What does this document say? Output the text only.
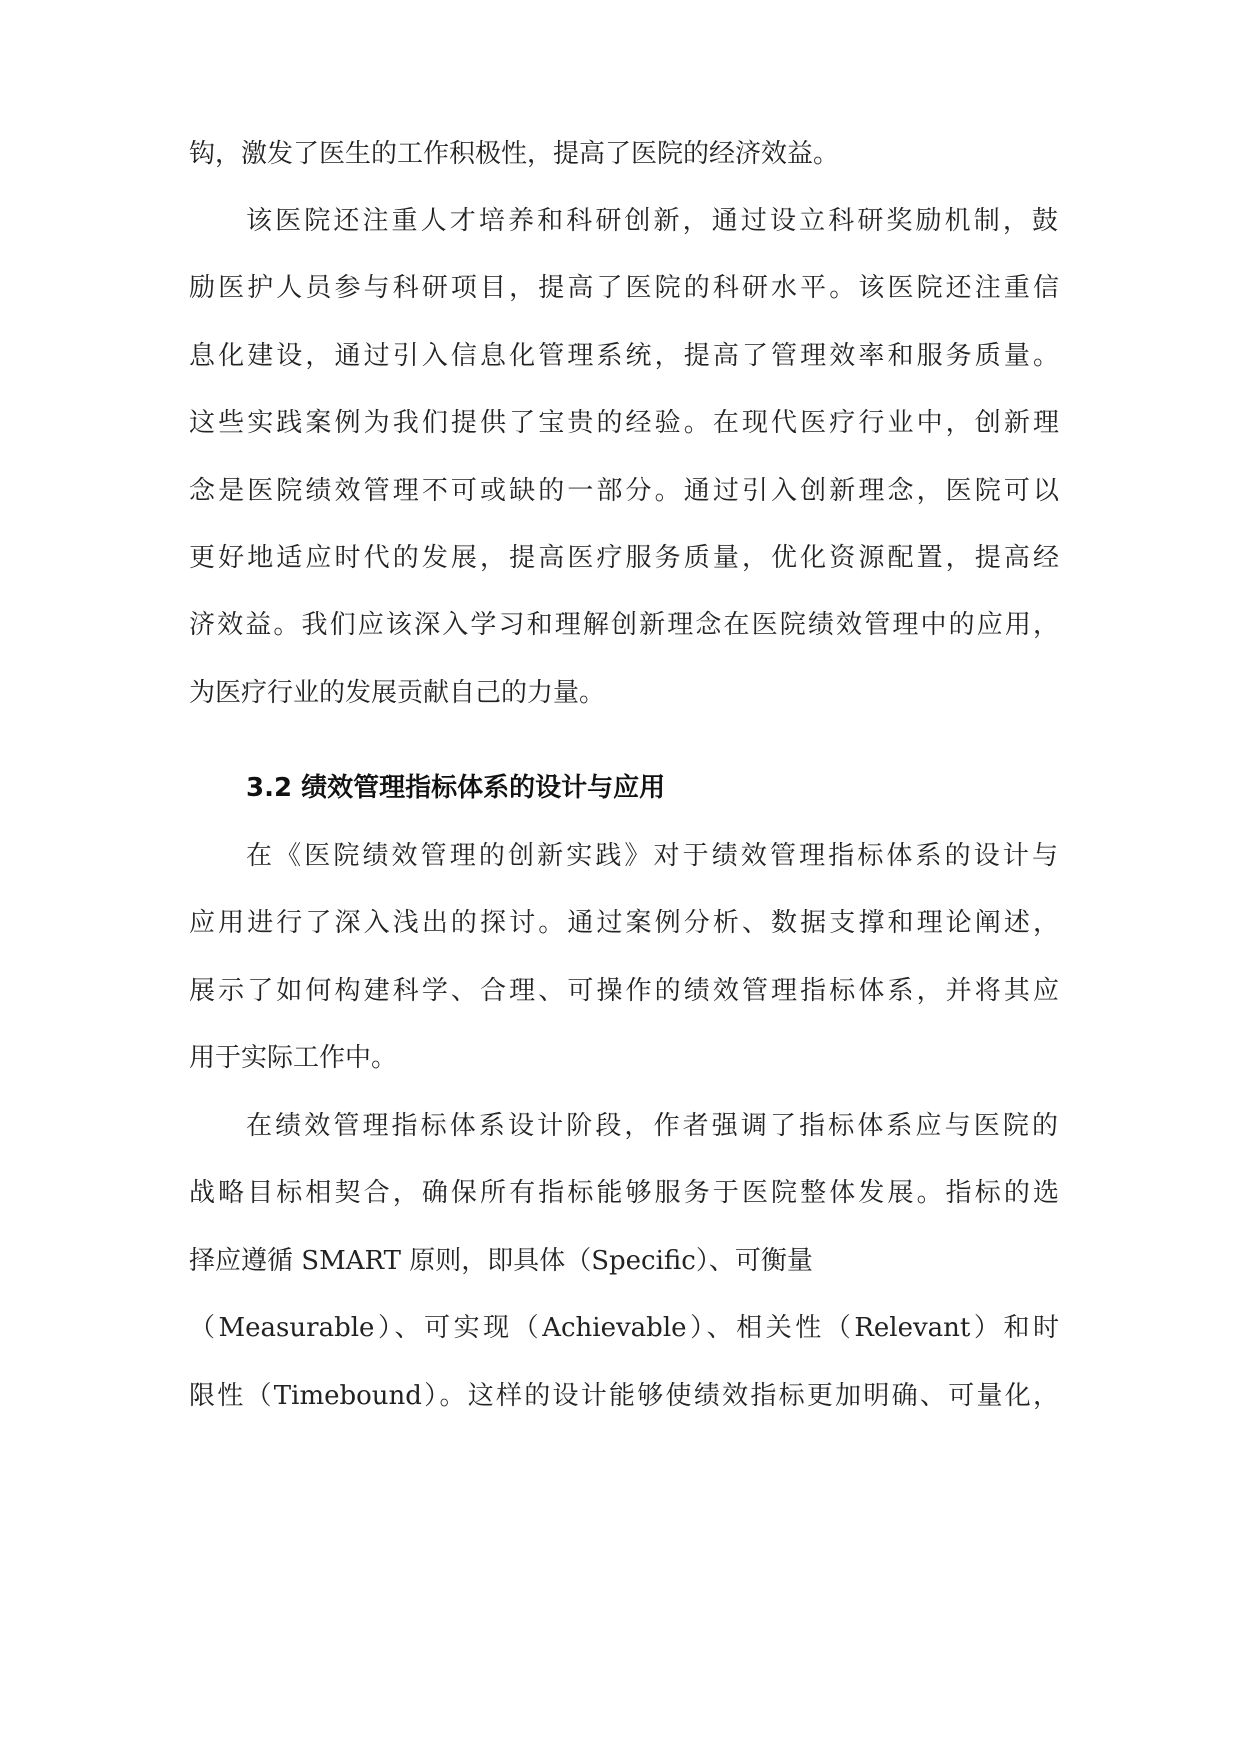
钩，激发了医生的工作积极性，提高了医院的经济效益。

该医院还注重人才培养和科研创新，通过设立科研奖励机制，鼓

励医护人员参与科研项目，提高了医院的科研水平。该医院还注重信

息化建设，通过引入信息化管理系统，提高了管理效率和服务质量。

这些实践案例为我们提供了宝贵的经验。在现代医疗行业中，创新理

念是医院绩效管理不可或缺的一部分。通过引入创新理念，医院可以

更好地适应时代的发展，提高医疗服务质量，优化资源配置，提高经

济效益。我们应该深入学习和理解创新理念在医院绩效管理中的应用，

为医疗行业的发展贡献自己的力量。

3.2 绩效管理指标体系的设计与应用

在《医院绩效管理的创新实践》对于绩效管理指标体系的设计与

应用进行了深入浅出的探讨。通过案例分析、数据支撑和理论阐述，

展示了如何构建科学、合理、可操作的绩效管理指标体系，并将其应

用于实际工作中。

在绩效管理指标体系设计阶段，作者强调了指标体系应与医院的

战略目标相契合，确保所有指标能够服务于医院整体发展。指标的选

择应遵循 SMART 原则，即具体（Specific）、可衡量

（Measurable）、可实现（Achievable）、相关性（Relevant）和时

限性（Timebound）。这样的设计能够使绩效指标更加明确、可量化，
